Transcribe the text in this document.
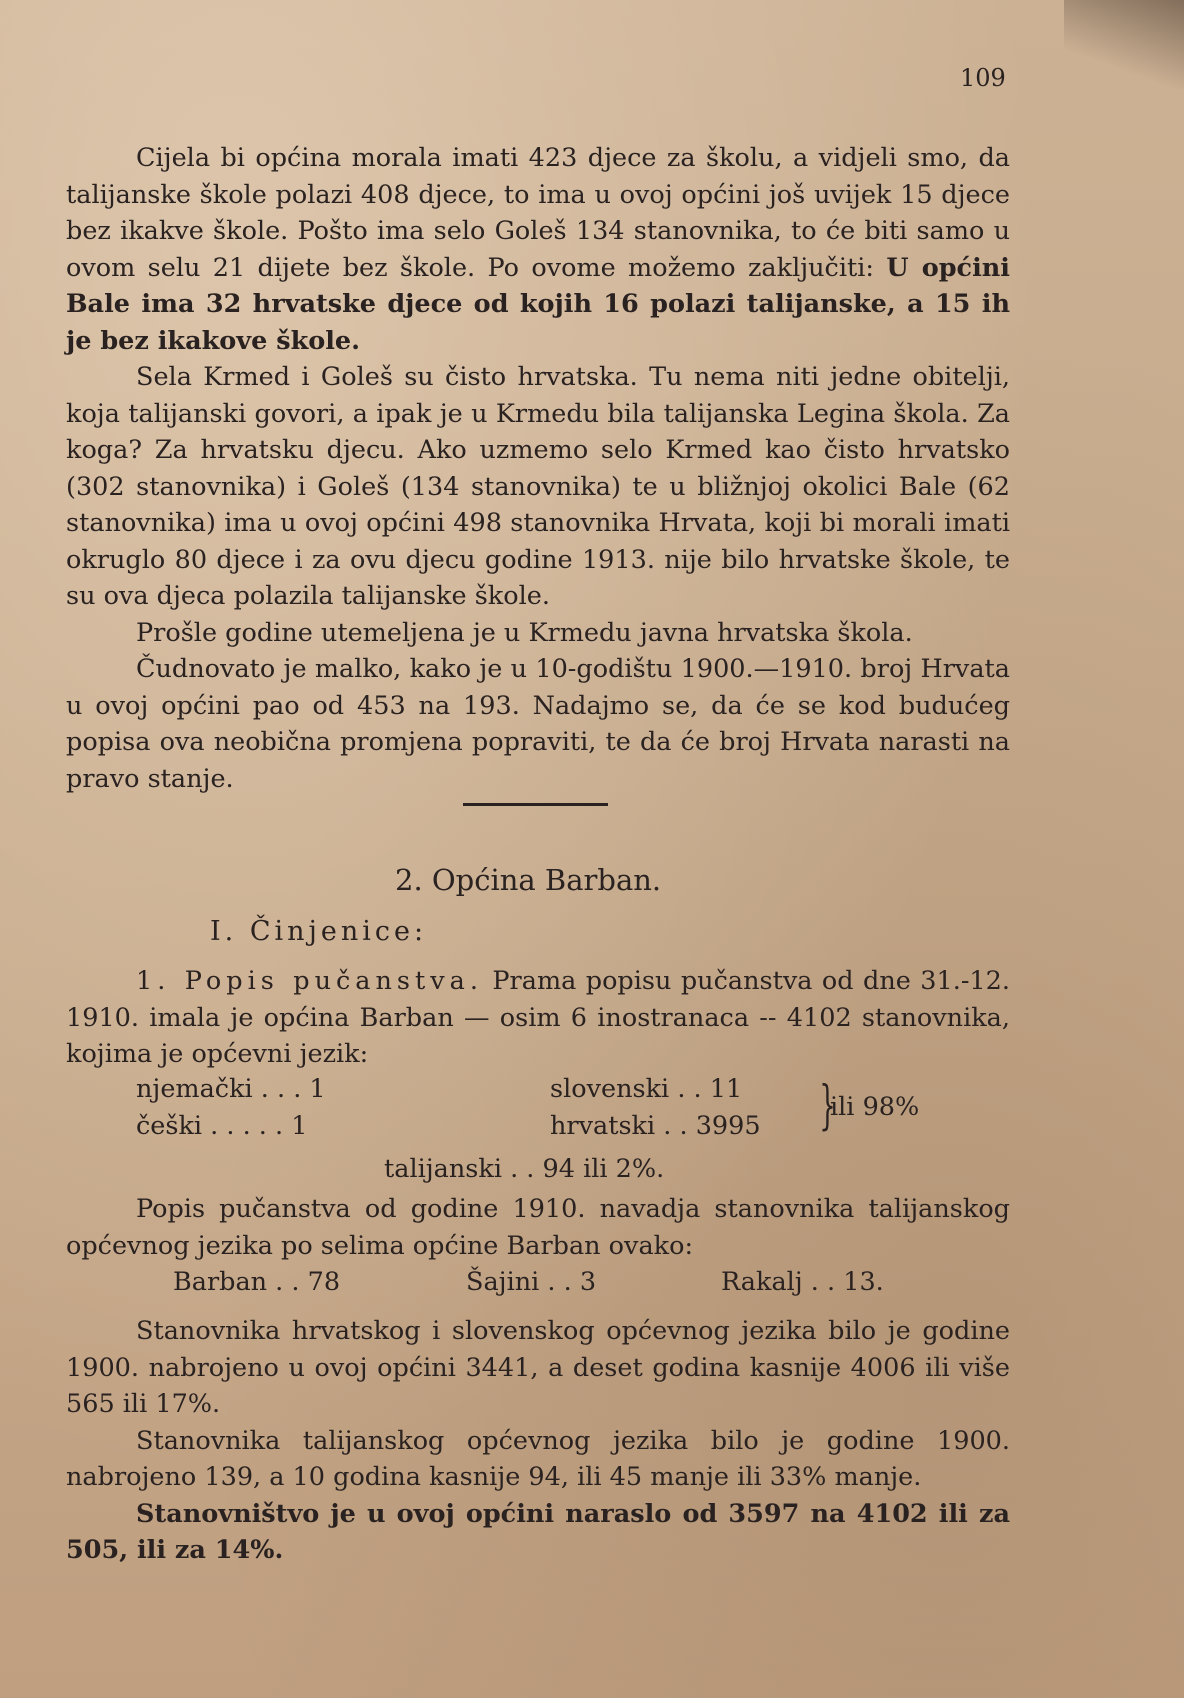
109

Cijela bi općina morala imati 423 djece za školu, a vidjeli smo, da talijanske škole polazi 408 djece, to ima u ovoj općini još uvijek 15 djece bez ikakve škole. Pošto ima selo Goleš 134 stanovnika, to će biti samo u ovom selu 21 dijete bez škole. Po ovome možemo zaključiti: U općini Bale ima 32 hrvatske djece od kojih 16 polazi talijanske, a 15 ih je bez ikakove škole.

Sela Krmed i Goleš su čisto hrvatska. Tu nema niti jedne obitelji, koja talijanski govori, a ipak je u Krmedu bila talijanska Legina škola. Za koga? Za hrvatsku djecu. Ako uzmemo selo Krmed kao čisto hrvatsko (302 stanovnika) i Goleš (134 stanovnika) te u bližnjoj okolici Bale (62 stanovnika) ima u ovoj općini 498 stanovnika Hrvata, koji bi morali imati okruglo 80 djece i za ovu djecu godine 1913. nije bilo hrvatske škole, te su ova djeca polazila talijanske škole.

Prošle godine utemeljena je u Krmedu javna hrvatska škola.

Čudnovato je malko, kako je u 10-godištu 1900.—1910. broj Hrvata u ovoj općini pao od 453 na 193. Nadajmo se, da će se kod budućeg popisa ova neobična promjena popraviti, te da će broj Hrvata narasti na pravo stanje.

2. Općina Barban.
I. Činjenice:

1. Popis pučanstva. Prama popisu pučanstva od dne 31.-12. 1910. imala je općina Barban — osim 6 inostranaca -- 4102 stanovnika, kojima je općevni jezik:

njemački . . . 1
češki . . . . . 1
slovenski . . 11
hrvatski . . 3995 }
ili 98%
talijanski . . 94 ili 2%.

Popis pučanstva od godine 1910. navadja stanovnika talijanskog općevnog jezika po selima općine Barban ovako:

Barban . . 78	Šajini . . 3	Rakalj . . 13.

Stanovnika hrvatskog i slovenskog općevnog jezika bilo je godine 1900. nabrojeno u ovoj općini 3441, a deset godina kasnije 4006 ili više 565 ili 17%.

Stanovnika talijanskog općevnog jezika bilo je godine 1900. nabrojeno 139, a 10 godina kasnije 94, ili 45 manje ili 33% manje.

Stanovništvo je u ovoj općini naraslo od 3597 na 4102 ili za 505, ili za 14%.
